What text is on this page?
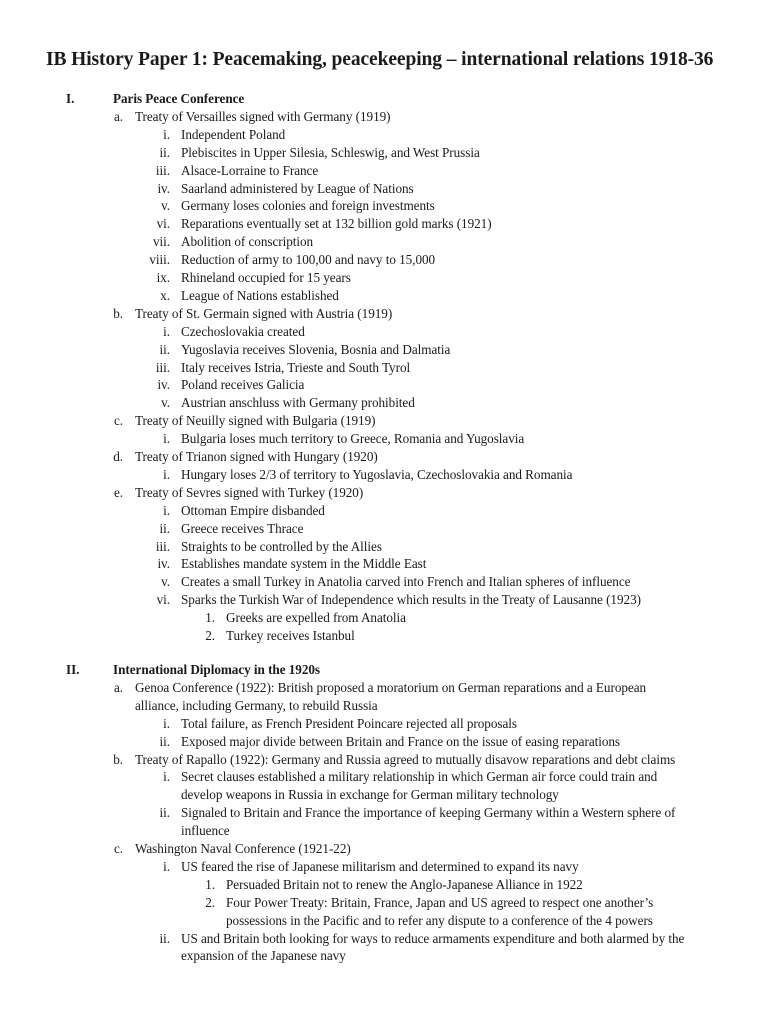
IB History Paper 1: Peacemaking, peacekeeping – international relations 1918-36
I.	Paris Peace Conference
a. Treaty of Versailles signed with Germany (1919)
i. Independent Poland
ii. Plebiscites in Upper Silesia, Schleswig, and West Prussia
iii. Alsace-Lorraine to France
iv. Saarland administered by League of Nations
v. Germany loses colonies and foreign investments
vi. Reparations eventually set at 132 billion gold marks (1921)
vii. Abolition of conscription
viii. Reduction of army to 100,00 and navy to 15,000
ix. Rhineland occupied for 15 years
x. League of Nations established
b. Treaty of St. Germain signed with Austria (1919)
i. Czechoslovakia created
ii. Yugoslavia receives Slovenia, Bosnia and Dalmatia
iii. Italy receives Istria, Trieste and South Tyrol
iv. Poland receives Galicia
v. Austrian anschluss with Germany prohibited
c. Treaty of Neuilly signed with Bulgaria (1919)
i. Bulgaria loses much territory to Greece, Romania and Yugoslavia
d. Treaty of Trianon signed with Hungary (1920)
i. Hungary loses 2/3 of territory to Yugoslavia, Czechoslovakia and Romania
e. Treaty of Sevres signed with Turkey (1920)
i. Ottoman Empire disbanded
ii. Greece receives Thrace
iii. Straights to be controlled by the Allies
iv. Establishes mandate system in the Middle East
v. Creates a small Turkey in Anatolia carved into French and Italian spheres of influence
vi. Sparks the Turkish War of Independence which results in the Treaty of Lausanne (1923)
1. Greeks are expelled from Anatolia
2. Turkey receives Istanbul
II.	International Diplomacy in the 1920s
a. Genoa Conference (1922): British proposed a moratorium on German reparations and a European
alliance, including Germany, to rebuild Russia
i. Total failure, as French President Poincare rejected all proposals
ii. Exposed major divide between Britain and France on the issue of easing reparations
b. Treaty of Rapallo (1922): Germany and Russia agreed to mutually disavow reparations and debt claims
i. Secret clauses established a military relationship in which German air force could train and
develop weapons in Russia in exchange for German military technology
ii. Signaled to Britain and France the importance of keeping Germany within a Western sphere of
influence
c. Washington Naval Conference (1921-22)
i. US feared the rise of Japanese militarism and determined to expand its navy
1. Persuaded Britain not to renew the Anglo-Japanese Alliance in 1922
2. Four Power Treaty: Britain, France, Japan and US agreed to respect one another’s
possessions in the Pacific and to refer any dispute to a conference of the 4 powers
ii. US and Britain both looking for ways to reduce armaments expenditure and both alarmed by the
expansion of the Japanese navy
